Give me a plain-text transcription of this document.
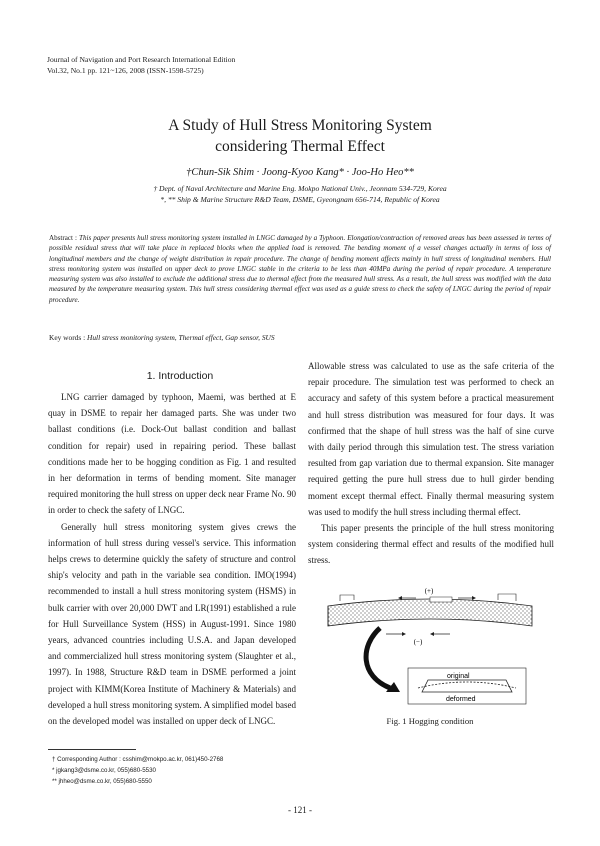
Journal of Navigation and Port Research International Edition
Vol.32, No.1 pp. 121~126, 2008 (ISSN-1598-5725)
A Study of Hull Stress Monitoring System
considering Thermal Effect
†Chun-Sik Shim · Joong-Kyoo Kang* · Joo-Ho Heo**
† Dept. of Naval Architecture and Marine Eng. Mokpo National Univ., Jeonnam 534-729, Korea
*, ** Ship & Marine Structure R&D Team, DSME, Gyeongnam 656-714, Republic of Korea
Abstract : This paper presents hull stress monitoring system installed in LNGC damaged by a Typhoon. Elongation/contraction of removed areas has been assessed in terms of possible residual stress that will take place in replaced blocks when the applied load is removed. The bending moment of a vessel changes actually in terms of loss of longitudinal members and the change of weight distribution in repair procedure. The change of bending moment affects mainly in hull stress of longitudinal members. Hull stress monitoring system was installed on upper deck to prove LNGC stable in the criteria to be less than 40MPa during the period of repair procedure. A temperature measuring system was also installed to exclude the additional stress due to thermal effect from the measured hull stress. As a result, the hull stress was modified with the data measured by the temperature measuring system. This hull stress considering thermal effect was used as a guide stress to check the safety of LNGC during the period of repair procedure.
Key words : Hull stress monitoring system, Thermal effect, Gap sensor, SUS
1. Introduction

LNG carrier damaged by typhoon, Maemi, was berthed at E quay in DSME to repair her damaged parts. She was under two ballast conditions (i.e. Dock-Out ballast condition and ballast condition for repair) used in repairing period. These ballast conditions made her to be hogging condition as Fig. 1 and resulted in her deformation in terms of bending moment. Site manager required monitoring the hull stress on upper deck near Frame No. 90 in order to check the safety of LNGC.

Generally hull stress monitoring system gives crews the information of hull stress during vessel's service. This information helps crews to determine quickly the safety of structure and control ship's velocity and path in the variable sea condition. IMO(1994) recommended to install a hull stress monitoring system (HSMS) in bulk carrier with over 20,000 DWT and LR(1991) established a rule for Hull Surveillance System (HSS) in August-1991. Since 1980 years, advanced countries including U.S.A. and Japan developed and commercialized hull stress monitoring system (Slaughter et al., 1997). In 1988, Structure R&D team in DSME performed a joint project with KIMM(Korea Institute of Machinery & Materials) and developed a hull stress monitoring system. A simplified model based on the developed model was installed on upper deck of LNGC.

Allowable stress was calculated to use as the safe criteria of the repair procedure. The simulation test was performed to check an accuracy and safety of this system before a practical measurement and hull stress distribution was measured for four days. It was confirmed that the shape of hull stress was the half of sine curve with daily period through this simulation test. The stress variation resulted from gap variation due to thermal expansion. Site manager required getting the pure hull stress due to hull girder bending moment except thermal effect. Finally thermal measuring system was used to modify the hull stress including thermal effect.

This paper presents the principle of the hull stress monitoring system considering thermal effect and results of the modified hull stress.

(+)
(−)
original
deformed
Fig. 1 Hogging condition
† Corresponding Author : csshim@mokpo.ac.kr, 061)450-2768
* jgkang3@dsme.co.kr, 055)680-5530
** jhheo@dsme.co.kr, 055)680-5550
- 121 -
